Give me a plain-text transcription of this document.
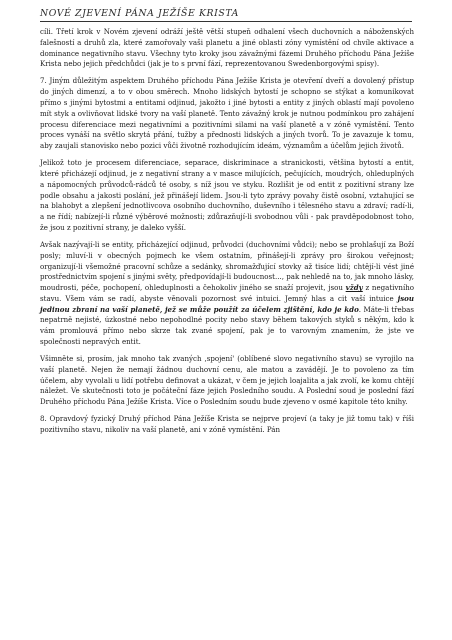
NOVÉ ZJEVENÍ PÁNA JEŽÍŠE KRISTA

cíli. Třetí krok v Novém zjevení odráží ještě větší stupeň odhalení všech duchovních a náboženských falešností a druhů zla, které zamořovaly vaši planetu a jiné oblasti zóny vymístění od chvíle aktivace a dominance negativního stavu. Všechny tyto kroky jsou závažnými fázemi Druhého příchodu Pána Ježíše Krista nebo jejich předchůdci (jak je to s první fází, reprezentovanou Swedenborgovými spisy).

7. Jiným důležitým aspektem Druhého příchodu Pána Ježíše Krista je otevření dveří a dovolený přístup do jiných dimenzí, a to v obou směrech. Mnoho lidských bytostí je schopno se stýkat a komunikovat přímo s jinými bytostmi a entitami odjinud, jakožto i jiné bytosti a entity z jiných oblastí mají povoleno mít styk a ovlivňovat lidské tvory na vaší planetě. Tento závažný krok je nutnou podmínkou pro zahájení procesu diferenciace mezi negativními a pozitivními silami na vaší planetě a v zóně vymístění. Tento proces vynáší na světlo skrytá přání, tužby a přednosti lidských a jiných tvorů. To je zavazuje k tomu, aby zaujali stanovisko nebo pozici vůči životně rozhodujícím ideám, významům a účelům jejich životů.

Jelikož toto je procesem diferenciace, separace, diskriminace a stranickosti, většina bytostí a entit, které přicházejí odjinud, je z negativní strany a v masce milujících, pečujících, moudrých, ohleduplných a nápomocných průvodců-rádců té osoby, s níž jsou ve styku. Rozlišit je od entit z pozitivní strany lze podle obsahu a jakosti poslání, jež přinášejí lidem. Jsou-li tyto zprávy povahy čistě osobní, vztahující se na blahobyt a zlepšení jednotlivcova osobního duchovního, duševního i tělesného stavu a zdraví; radí-li, a ne řídí; nabízejí-li různé výběrové možnosti; zdůrazňují-li svobodnou vůli - pak pravděpodobnost toho, že jsou z pozitivní strany, je daleko vyšší.

Avšak nazývají-li se entity, přicházející odjinud, průvodci (duchovními vůdci); nebo se prohlašují za Boží posly; mluví-li v obecných pojmech ke všem ostatním, přinášejí-li zprávy pro širokou veřejnost; organizují-li všemožné pracovní schůze a sedánky, shromažďující stovky až tisíce lidí; chtějí-li vést jiné prostřednictvím spojení s jinými světy, předpovídají-li budoucnost..., pak nehledě na to, jak mnoho lásky, moudrosti, péče, pochopení, ohleduplnosti a čehokoliv jiného se snaží projevit, jsou vždy z negativního stavu. Všem vám se radí, abyste věnovali pozornost své intuici. Jemný hlas a cit vaší intuice jsou jedinou zbraní na vaší planetě, jež se může použít za účelem zjištění, kdo je kdo. Máte-li třebas nepatrně nejisté, úzkostné nebo nepohodlné pocity nebo stavy během takových styků s někým, kdo k vám promlouvá přímo nebo skrze tak zvané spojení, pak je to varovným znamením, že jste ve společnosti nepravých entit.

Všimněte si, prosím, jak mnoho tak zvaných ‚spojení' (oblíbené slovo negativního stavu) se vyrojilo na vaší planetě. Nejen že nemají žádnou duchovní cenu, ale matou a zavádějí. Je to povoleno za tím účelem, aby vyvolali u lidí potřebu definovat a ukázat, v čem je jejich loajalita a jak zvolí, ke komu chtějí náležet. Ve skutečnosti toto je počáteční fáze jejich Posledního soudu. A Poslední soud je poslední fází Druhého příchodu Pána Ježíše Krista. Více o Posledním soudu bude zjeveno v osmé kapitole této knihy.

8. Opravdový fyzický Druhý příchod Pána Ježíše Krista se nejprve projeví (a taky je již tomu tak) v říši pozitivního stavu, nikoliv na vaší planetě, ani v zóně vymístění. Pán
